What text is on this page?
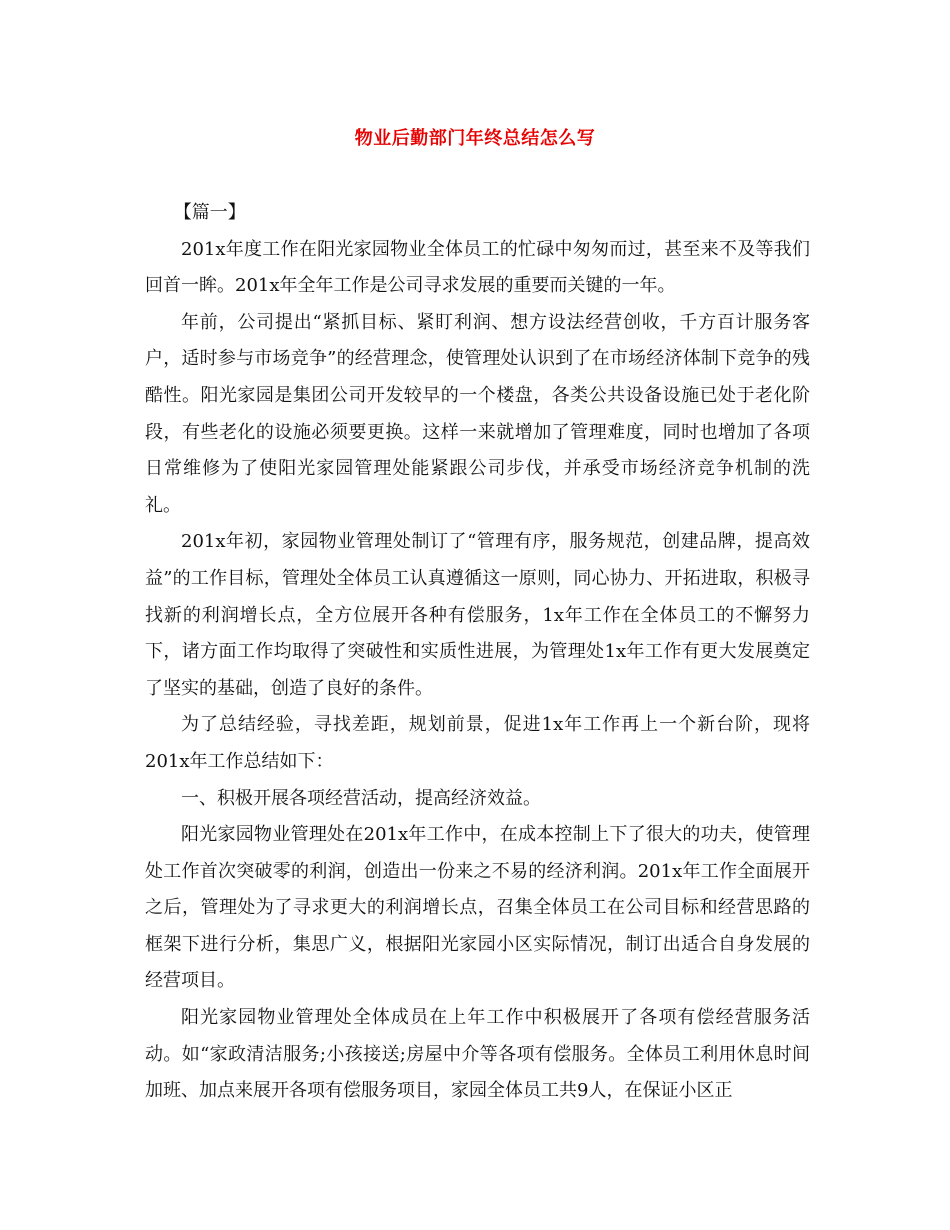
物业后勤部门年终总结怎么写

【篇一】

201x年度工作在阳光家园物业全体员工的忙碌中匆匆而过，甚至来不及等我们回首一眸。201x年全年工作是公司寻求发展的重要而关键的一年。

年前，公司提出“紧抓目标、紧盯利润、想方设法经营创收，千方百计服务客户，适时参与市场竞争”的经营理念，使管理处认识到了在市场经济体制下竞争的残酷性。阳光家园是集团公司开发较早的一个楼盘，各类公共设备设施已处于老化阶段，有些老化的设施必须要更换。这样一来就增加了管理难度，同时也增加了各项日常维修为了使阳光家园管理处能紧跟公司步伐，并承受市场经济竞争机制的洗礼。

201x年初，家园物业管理处制订了“管理有序，服务规范，创建品牌，提高效益”的工作目标，管理处全体员工认真遵循这一原则，同心协力、开拓进取，积极寻找新的利润增长点，全方位展开各种有偿服务，1x年工作在全体员工的不懈努力下，诸方面工作均取得了突破性和实质性进展，为管理处1x年工作有更大发展奠定了坚实的基础，创造了良好的条件。

为了总结经验，寻找差距，规划前景，促进1x年工作再上一个新台阶，现将201x年工作总结如下：

一、积极开展各项经营活动，提高经济效益。

阳光家园物业管理处在201x年工作中，在成本控制上下了很大的功夫，使管理处工作首次突破零的利润，创造出一份来之不易的经济利润。201x年工作全面展开之后，管理处为了寻求更大的利润增长点，召集全体员工在公司目标和经营思路的框架下进行分析，集思广义，根据阳光家园小区实际情况，制订出适合自身发展的经营项目。

阳光家园物业管理处全体成员在上年工作中积极展开了各项有偿经营服务活动。如“家政清洁服务;小孩接送;房屋中介等各项有偿服务。全体员工利用休息时间加班、加点来展开各项有偿服务项目，家园全体员工共9人，在保证小区正
